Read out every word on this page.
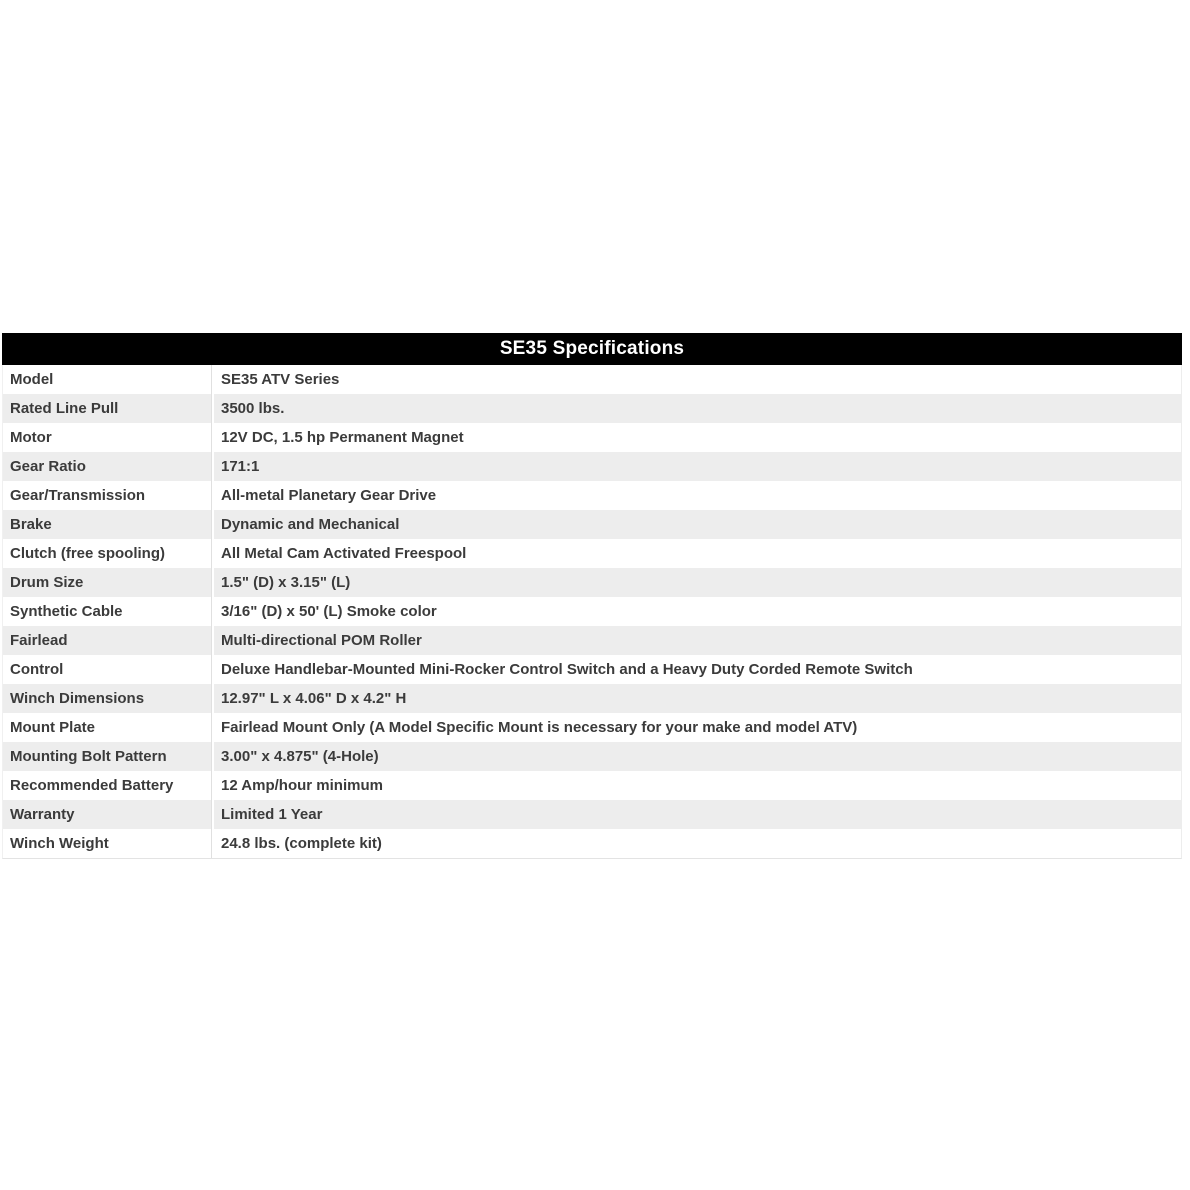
SE35 Specifications
Model	SE35 ATV Series
Rated Line Pull	3500 lbs.
Motor	12V DC, 1.5 hp Permanent Magnet
Gear Ratio	171:1
Gear/Transmission	All-metal Planetary Gear Drive
Brake	Dynamic and Mechanical
Clutch (free spooling)	All Metal Cam Activated Freespool
Drum Size	1.5" (D) x 3.15" (L)
Synthetic Cable	3/16" (D) x 50' (L) Smoke color
Fairlead	Multi-directional POM Roller
Control	Deluxe Handlebar-Mounted Mini-Rocker Control Switch and a Heavy Duty Corded Remote Switch
Winch Dimensions	12.97" L x 4.06" D x 4.2" H
Mount Plate	Fairlead Mount Only (A Model Specific Mount is necessary for your make and model ATV)
Mounting Bolt Pattern	3.00" x 4.875" (4-Hole)
Recommended Battery	12 Amp/hour minimum
Warranty	Limited 1 Year
Winch Weight	24.8 lbs. (complete kit)
